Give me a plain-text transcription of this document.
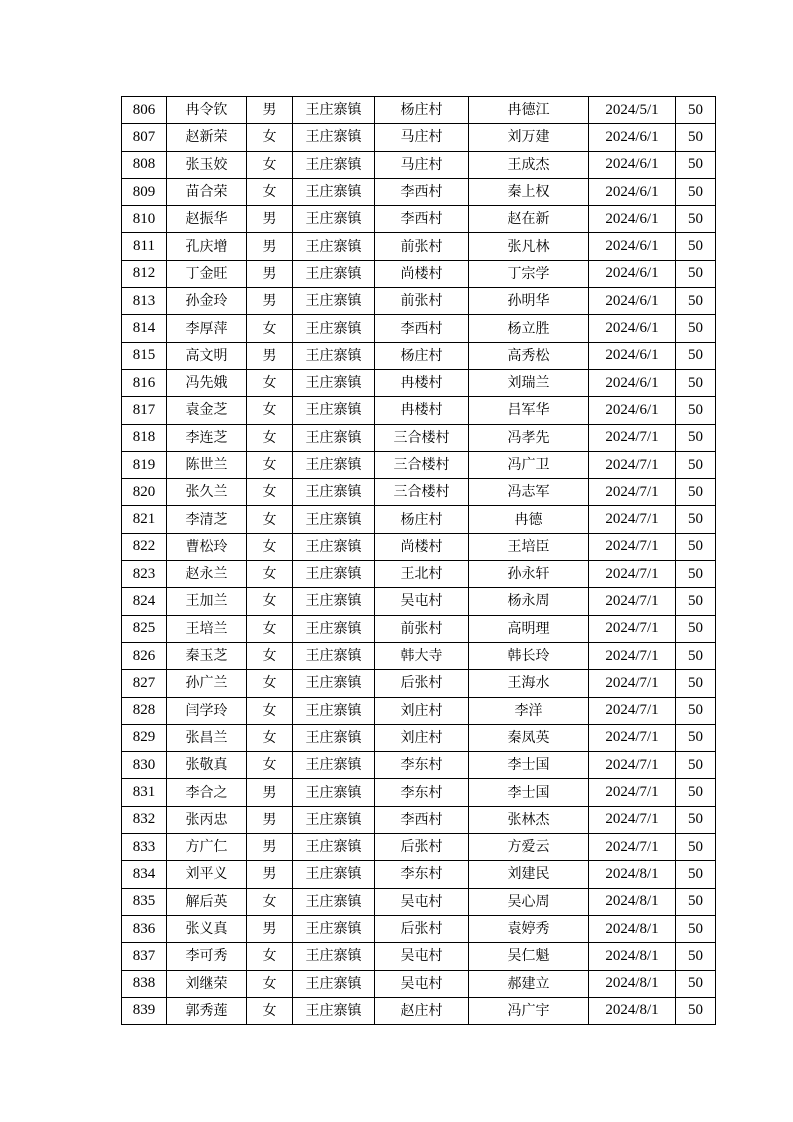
806	冉令钦	男	王庄寨镇	杨庄村	冉德江	2024/5/1	50
807	赵新荣	女	王庄寨镇	马庄村	刘万建	2024/6/1	50
808	张玉姣	女	王庄寨镇	马庄村	王成杰	2024/6/1	50
809	苗合荣	女	王庄寨镇	李西村	秦上权	2024/6/1	50
810	赵振华	男	王庄寨镇	李西村	赵在新	2024/6/1	50
811	孔庆增	男	王庄寨镇	前张村	张凡林	2024/6/1	50
812	丁金旺	男	王庄寨镇	尚楼村	丁宗学	2024/6/1	50
813	孙金玲	男	王庄寨镇	前张村	孙明华	2024/6/1	50
814	李厚萍	女	王庄寨镇	李西村	杨立胜	2024/6/1	50
815	高文明	男	王庄寨镇	杨庄村	高秀松	2024/6/1	50
816	冯先娥	女	王庄寨镇	冉楼村	刘瑞兰	2024/6/1	50
817	袁金芝	女	王庄寨镇	冉楼村	吕军华	2024/6/1	50
818	李连芝	女	王庄寨镇	三合楼村	冯孝先	2024/7/1	50
819	陈世兰	女	王庄寨镇	三合楼村	冯广卫	2024/7/1	50
820	张久兰	女	王庄寨镇	三合楼村	冯志军	2024/7/1	50
821	李清芝	女	王庄寨镇	杨庄村	冉德	2024/7/1	50
822	曹松玲	女	王庄寨镇	尚楼村	王培臣	2024/7/1	50
823	赵永兰	女	王庄寨镇	王北村	孙永轩	2024/7/1	50
824	王加兰	女	王庄寨镇	吴屯村	杨永周	2024/7/1	50
825	王培兰	女	王庄寨镇	前张村	高明理	2024/7/1	50
826	秦玉芝	女	王庄寨镇	韩大寺	韩长玲	2024/7/1	50
827	孙广兰	女	王庄寨镇	后张村	王海水	2024/7/1	50
828	闫学玲	女	王庄寨镇	刘庄村	李洋	2024/7/1	50
829	张昌兰	女	王庄寨镇	刘庄村	秦凤英	2024/7/1	50
830	张敬真	女	王庄寨镇	李东村	李士国	2024/7/1	50
831	李合之	男	王庄寨镇	李东村	李士国	2024/7/1	50
832	张丙忠	男	王庄寨镇	李西村	张林杰	2024/7/1	50
833	方广仁	男	王庄寨镇	后张村	方爱云	2024/7/1	50
834	刘平义	男	王庄寨镇	李东村	刘建民	2024/8/1	50
835	解后英	女	王庄寨镇	吴屯村	吴心周	2024/8/1	50
836	张义真	男	王庄寨镇	后张村	袁婷秀	2024/8/1	50
837	李可秀	女	王庄寨镇	吴屯村	吴仁魁	2024/8/1	50
838	刘继荣	女	王庄寨镇	吴屯村	郝建立	2024/8/1	50
839	郭秀莲	女	王庄寨镇	赵庄村	冯广宇	2024/8/1	50
